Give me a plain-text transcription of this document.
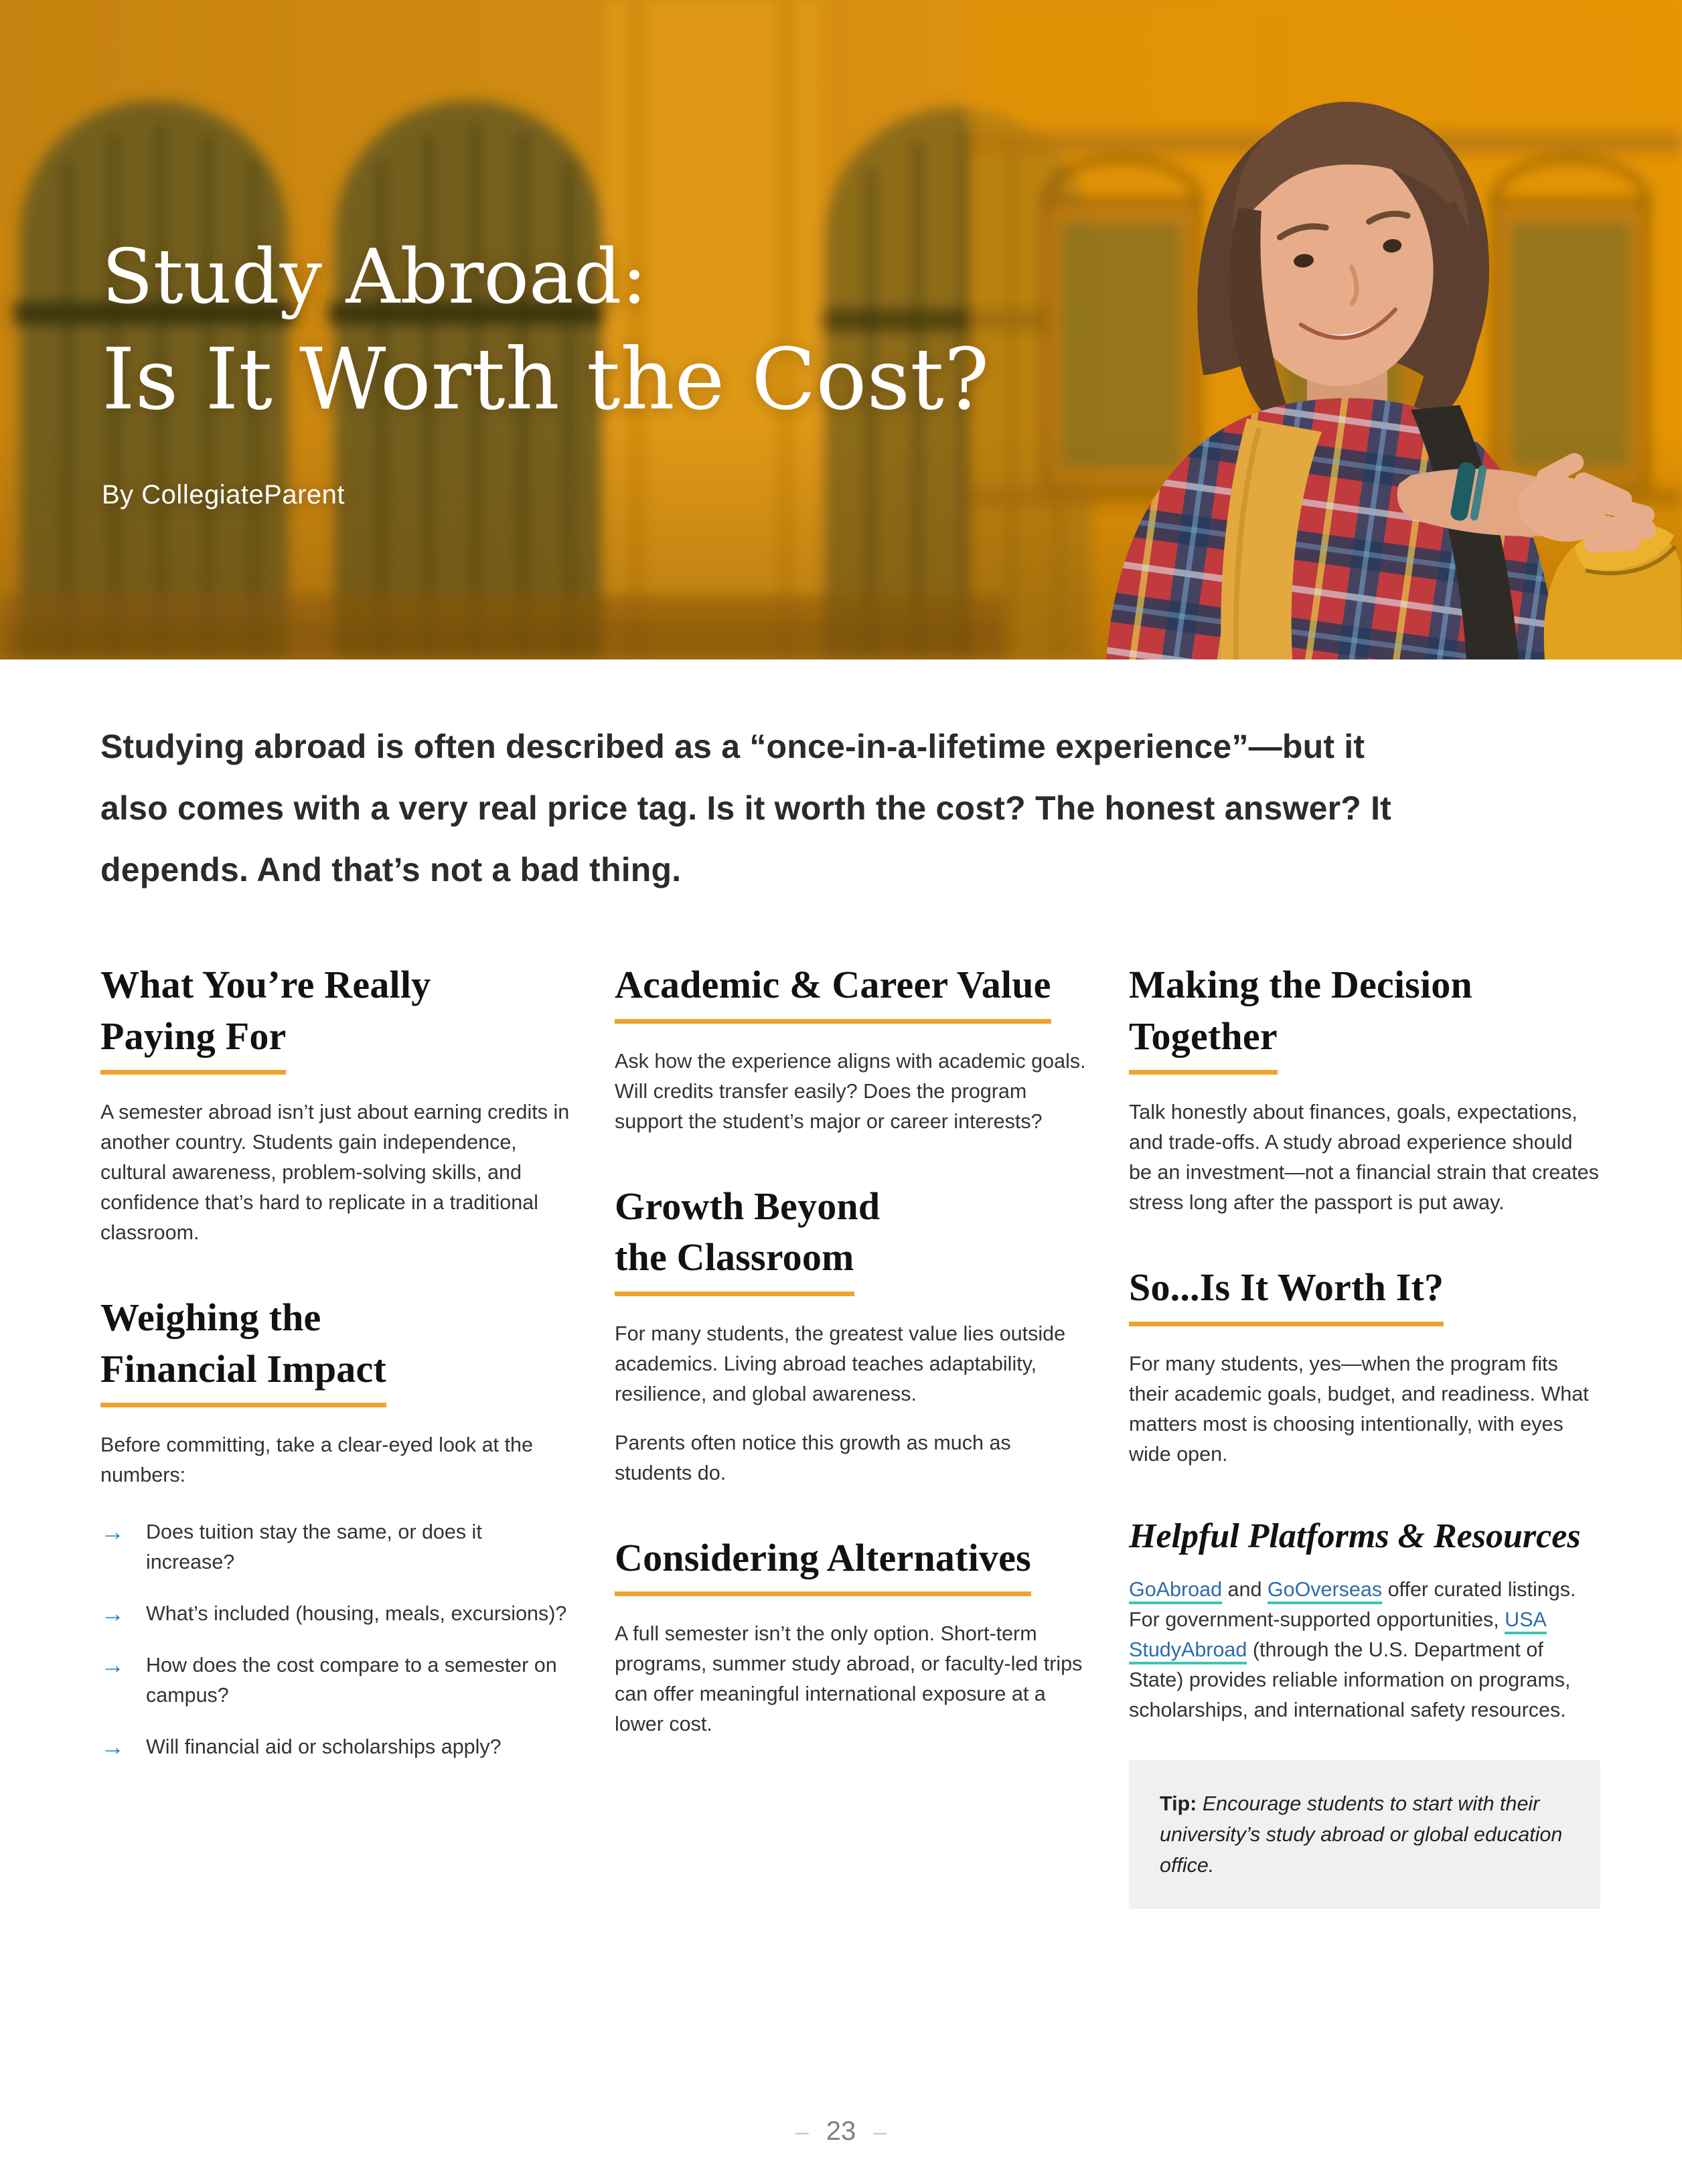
Study Abroad:
Is It Worth the Cost?

By CollegiateParent

Studying abroad is often described as a “once-in-a-lifetime experience”—but it also comes with a very real price tag. Is it worth the cost? The honest answer? It depends. And that’s not a bad thing.

What You’re Really
Paying For

A semester abroad isn’t just about earning credits in another country. Students gain independence, cultural awareness, problem-solving skills, and confidence that’s hard to replicate in a traditional classroom.

Weighing the
Financial Impact

Before committing, take a clear-eyed look at the numbers:

→ Does tuition stay the same, or does it increase?
→ What’s included (housing, meals, excursions)?
→ How does the cost compare to a semester on campus?
→ Will financial aid or scholarships apply?
Academic & Career Value

Ask how the experience aligns with academic goals. Will credits transfer easily? Does the program support the student’s major or career interests?

Growth Beyond
the Classroom

For many students, the greatest value lies outside academics. Living abroad teaches adaptability, resilience, and global awareness.

Parents often notice this growth as much as students do.

Considering Alternatives

A full semester isn’t the only option. Short-term programs, summer study abroad, or faculty-led trips can offer meaningful international exposure at a lower cost.

Making the Decision
Together

Talk honestly about finances, goals, expectations, and trade-offs. A study abroad experience should be an investment—not a financial strain that creates stress long after the passport is put away.

So...Is It Worth It?

For many students, yes—when the program fits their academic goals, budget, and readiness. What matters most is choosing intentionally, with eyes wide open.

Helpful Platforms & Resources

GoAbroad and GoOverseas offer curated listings. For government-supported opportunities, USA StudyAbroad (through the U.S. Department of State) provides reliable information on programs, scholarships, and international safety resources.

Tip: Encourage students to start with their university’s study abroad or global education office.

– 23 –
